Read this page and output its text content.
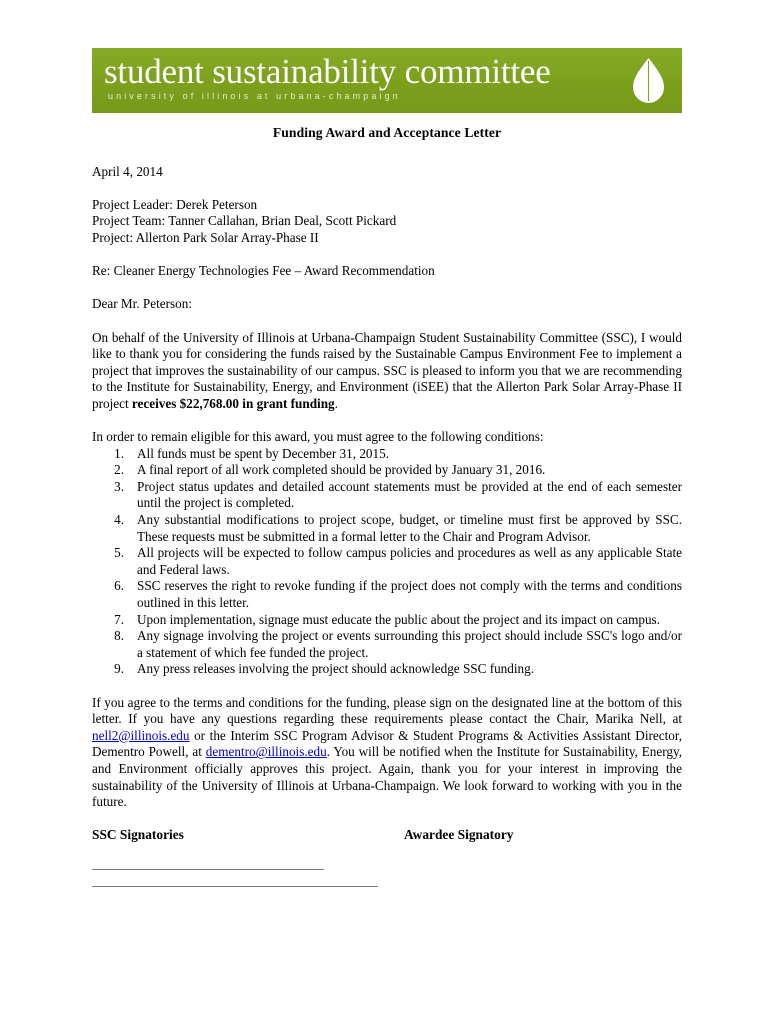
student sustainability committee
university of illinois at urbana-champaign
Funding Award and Acceptance Letter
April 4, 2014
Project Leader: Derek Peterson
Project Team: Tanner Callahan, Brian Deal, Scott Pickard
Project: Allerton Park Solar Array-Phase II
Re: Cleaner Energy Technologies Fee – Award Recommendation
Dear Mr. Peterson:
On behalf of the University of Illinois at Urbana-Champaign Student Sustainability Committee (SSC), I would like to thank you for considering the funds raised by the Sustainable Campus Environment Fee to implement a project that improves the sustainability of our campus. SSC is pleased to inform you that we are recommending to the Institute for Sustainability, Energy, and Environment (iSEE) that the Allerton Park Solar Array-Phase II project receives $22,768.00 in grant funding.
In order to remain eligible for this award, you must agree to the following conditions:
All funds must be spent by December 31, 2015.
A final report of all work completed should be provided by January 31, 2016.
Project status updates and detailed account statements must be provided at the end of each semester until the project is completed.
Any substantial modifications to project scope, budget, or timeline must first be approved by SSC. These requests must be submitted in a formal letter to the Chair and Program Advisor.
All projects will be expected to follow campus policies and procedures as well as any applicable State and Federal laws.
SSC reserves the right to revoke funding if the project does not comply with the terms and conditions outlined in this letter.
Upon implementation, signage must educate the public about the project and its impact on campus.
Any signage involving the project or events surrounding this project should include SSC's logo and/or a statement of which fee funded the project.
Any press releases involving the project should acknowledge SSC funding.
If you agree to the terms and conditions for the funding, please sign on the designated line at the bottom of this letter. If you have any questions regarding these requirements please contact the Chair, Marika Nell, at nell2@illinois.edu or the Interim SSC Program Advisor & Student Programs & Activities Assistant Director, Dementro Powell, at dementro@illinois.edu. You will be notified when the Institute for Sustainability, Energy, and Environment officially approves this project. Again, thank you for your interest in improving the sustainability of the University of Illinois at Urbana-Champaign. We look forward to working with you in the future.
SSC Signatories	Awardee Signatory
